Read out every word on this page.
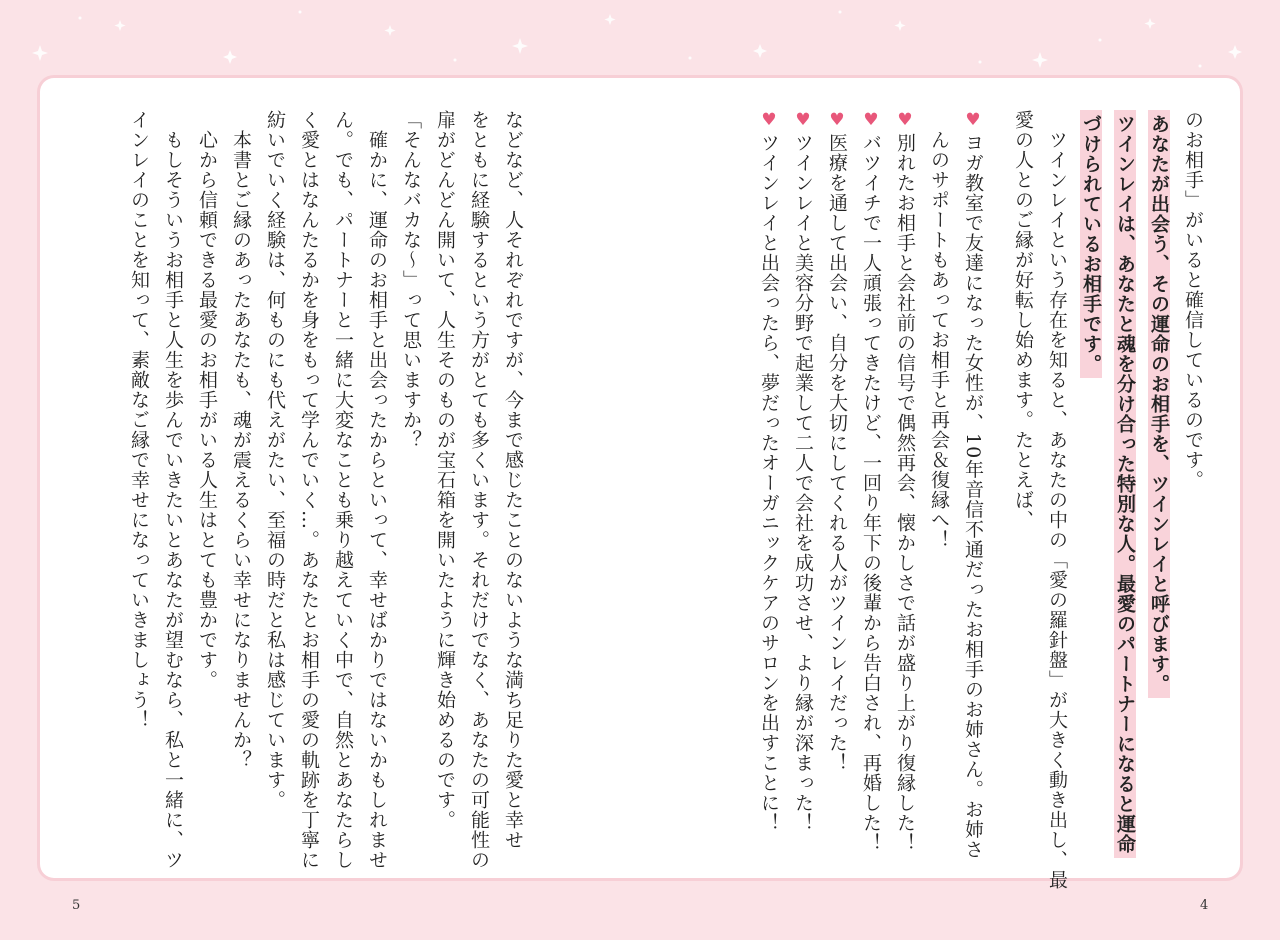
のお相手」がいると確信しているのです。
あなたが出会う、その運命のお相手を、ツインレイと呼びます。
ツインレイは、あなたと魂を分け合った特別な人。最愛のパートナーになると運命
づけられているお相手です。
　ツインレイという存在を知ると、あなたの中の「愛の羅針盤」が大きく動き出し、最
愛の人とのご縁が好転し始めます。たとえば、
♥ヨガ教室で友達になった女性が、10年音信不通だったお相手のお姉さん。お姉さ
　んのサポートもあってお相手と再会＆復縁へ！
♥別れたお相手と会社前の信号で偶然再会、懐かしさで話が盛り上がり復縁した！
♥バツイチで一人頑張ってきたけど、一回り年下の後輩から告白され、再婚した！
♥医療を通して出会い、自分を大切にしてくれる人がツインレイだった！
♥ツインレイと美容分野で起業して二人で会社を成功させ、より縁が深まった！
♥ツインレイと出会ったら、夢だったオーガニックケアのサロンを出すことに！
などなど、人それぞれですが、今まで感じたことのないような満ち足りた愛と幸せ
をともに経験するという方がとても多くいます。それだけでなく、あなたの可能性の
扉がどんどん開いて、人生そのものが宝石箱を開いたように輝き始めるのです。
「そんなバカな～」って思いますか？
　確かに、運命のお相手と出会ったからといって、幸せばかりではないかもしれませ
ん。でも、パートナーと一緒に大変なことも乗り越えていく中で、自然とあなたらし
く愛とはなんたるかを身をもって学んでいく…。あなたとお相手の愛の軌跡を丁寧に
紡いでいく経験は、何ものにも代えがたい、至福の時だと私は感じています。
　本書とご縁のあったあなたも、魂が震えるくらい幸せになりませんか？
　心から信頼できる最愛のお相手がいる人生はとても豊かです。
　もしそういうお相手と人生を歩んでいきたいとあなたが望むなら、私と一緒に、ツ
インレイのことを知って、素敵なご縁で幸せになっていきましょう！
5	4
